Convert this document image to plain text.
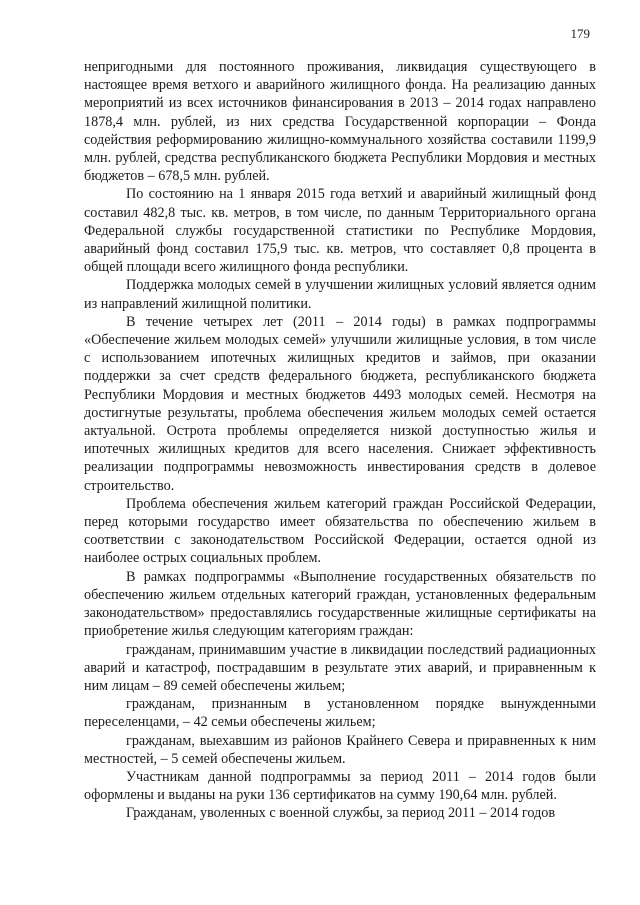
179

непригодными для постоянного проживания, ликвидация существующего в настоящее время ветхого и аварийного жилищного фонда. На реализацию данных мероприятий из всех источников финансирования в 2013 – 2014 годах направлено 1878,4 млн. рублей, из них средства Государственной корпорации – Фонда содействия реформированию жилищно-коммунального хозяйства составили 1199,9 млн. рублей, средства республиканского бюджета Республики Мордовия и местных бюджетов – 678,5 млн. рублей.

По состоянию на 1 января 2015 года ветхий и аварийный жилищный фонд составил 482,8 тыс. кв. метров, в том числе, по данным Территориального органа Федеральной службы государственной статистики по Республике Мордовия, аварийный фонд составил 175,9 тыс. кв. метров, что составляет 0,8 процента в общей площади всего жилищного фонда республики.

Поддержка молодых семей в улучшении жилищных условий является одним из направлений жилищной политики.

В течение четырех лет (2011 – 2014 годы) в рамках подпрограммы «Обеспечение жильем молодых семей» улучшили жилищные условия, в том числе с использованием ипотечных жилищных кредитов и займов, при оказании поддержки за счет средств федерального бюджета, республиканского бюджета Республики Мордовия и местных бюджетов 4493 молодых семей. Несмотря на достигнутые результаты, проблема обеспечения жильем молодых семей остается актуальной. Острота проблемы определяется низкой доступностью жилья и ипотечных жилищных кредитов для всего населения. Снижает эффективность реализации подпрограммы невозможность инвестирования средств в долевое строительство.

Проблема обеспечения жильем категорий граждан Российской Федерации, перед которыми государство имеет обязательства по обеспечению жильем в соответствии с законодательством Российской Федерации, остается одной из наиболее острых социальных проблем.

В рамках подпрограммы «Выполнение государственных обязательств по обеспечению жильем отдельных категорий граждан, установленных федеральным законодательством» предоставлялись государственные жилищные сертификаты на приобретение жилья следующим категориям граждан:

гражданам, принимавшим участие в ликвидации последствий радиационных аварий и катастроф, пострадавшим в результате этих аварий, и приравненным к ним лицам – 89 семей обеспечены жильем;

гражданам, признанным в установленном порядке вынужденными переселенцами, – 42 семьи обеспечены жильем;

гражданам, выехавшим из районов Крайнего Севера и приравненных к ним местностей, – 5 семей обеспечены жильем.

Участникам данной подпрограммы за период 2011 – 2014 годов были оформлены и выданы на руки 136 сертификатов на сумму 190,64 млн. рублей.

Гражданам, уволенных с военной службы, за период 2011 – 2014 годов
